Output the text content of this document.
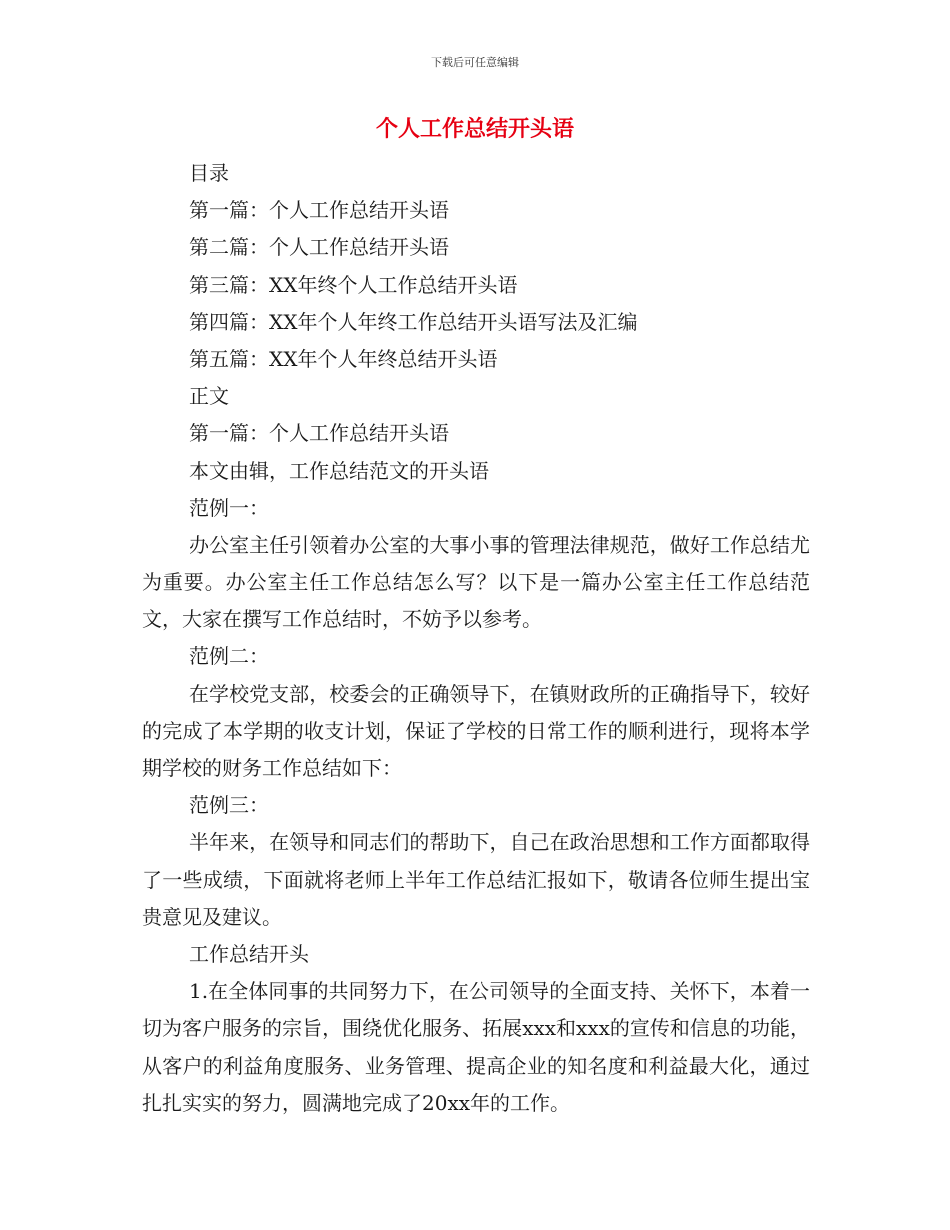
下载后可任意编辑
个人工作总结开头语
目录
第一篇：个人工作总结开头语
第二篇：个人工作总结开头语
第三篇：XX年终个人工作总结开头语
第四篇：XX年个人年终工作总结开头语写法及汇编
第五篇：XX年个人年终总结开头语
正文
第一篇：个人工作总结开头语
本文由辑，工作总结范文的开头语
范例一：
办公室主任引领着办公室的大事小事的管理法律规范，做好工作总结尤为重要。办公室主任工作总结怎么写？以下是一篇办公室主任工作总结范文，大家在撰写工作总结时，不妨予以参考。
范例二：
在学校党支部，校委会的正确领导下，在镇财政所的正确指导下，较好的完成了本学期的收支计划，保证了学校的日常工作的顺利进行，现将本学期学校的财务工作总结如下：
范例三：
半年来，在领导和同志们的帮助下，自己在政治思想和工作方面都取得了一些成绩，下面就将老师上半年工作总结汇报如下，敬请各位师生提出宝贵意见及建议。
工作总结开头
1.在全体同事的共同努力下，在公司领导的全面支持、关怀下，本着一切为客户服务的宗旨，围绕优化服务、拓展xxx和xxx的宣传和信息的功能，从客户的利益角度服务、业务管理、提高企业的知名度和利益最大化，通过扎扎实实的努力，圆满地完成了20xx年的工作。
